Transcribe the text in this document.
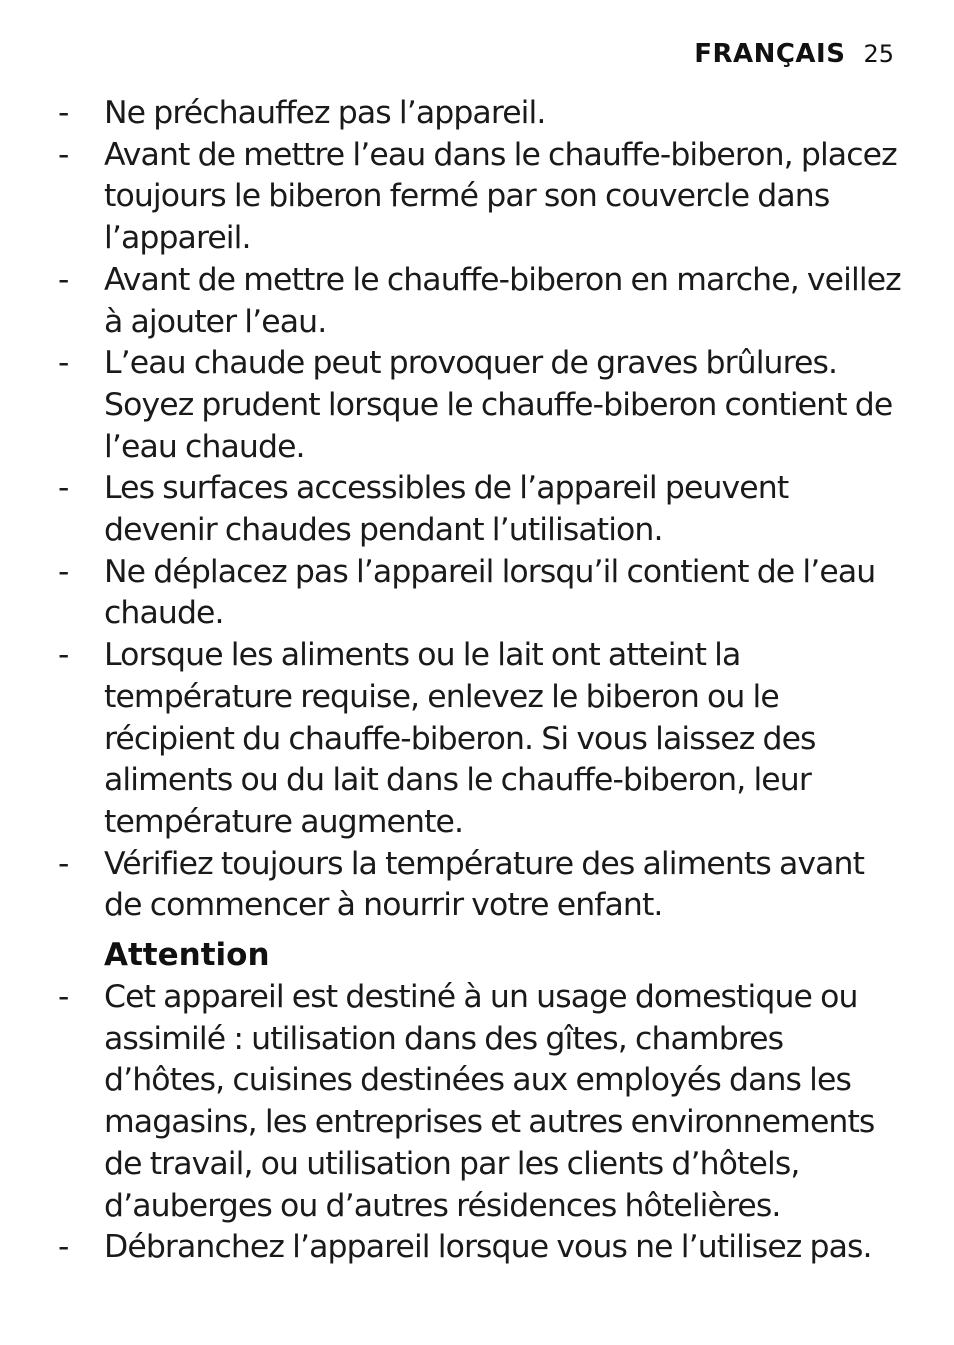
FRANÇAIS 25
- Ne préchauffez pas l’appareil.
- Avant de mettre l’eau dans le chauffe-biberon, placez toujours le biberon fermé par son couvercle dans l’appareil.
- Avant de mettre le chauffe-biberon en marche, veillez à ajouter l’eau.
- L’eau chaude peut provoquer de graves brûlures. Soyez prudent lorsque le chauffe-biberon contient de l’eau chaude.
- Les surfaces accessibles de l’appareil peuvent devenir chaudes pendant l’utilisation.
- Ne déplacez pas l’appareil lorsqu’il contient de l’eau chaude.
- Lorsque les aliments ou le lait ont atteint la température requise, enlevez le biberon ou le récipient du chauffe-biberon. Si vous laissez des aliments ou du lait dans le chauffe-biberon, leur température augmente.
- Vérifiez toujours la température des aliments avant de commencer à nourrir votre enfant.
Attention
- Cet appareil est destiné à un usage domestique ou assimilé : utilisation dans des gîtes, chambres d’hôtes, cuisines destinées aux employés dans les magasins, les entreprises et autres environnements de travail, ou utilisation par les clients d’hôtels, d’auberges ou d’autres résidences hôtelières.
- Débranchez l’appareil lorsque vous ne l’utilisez pas.
